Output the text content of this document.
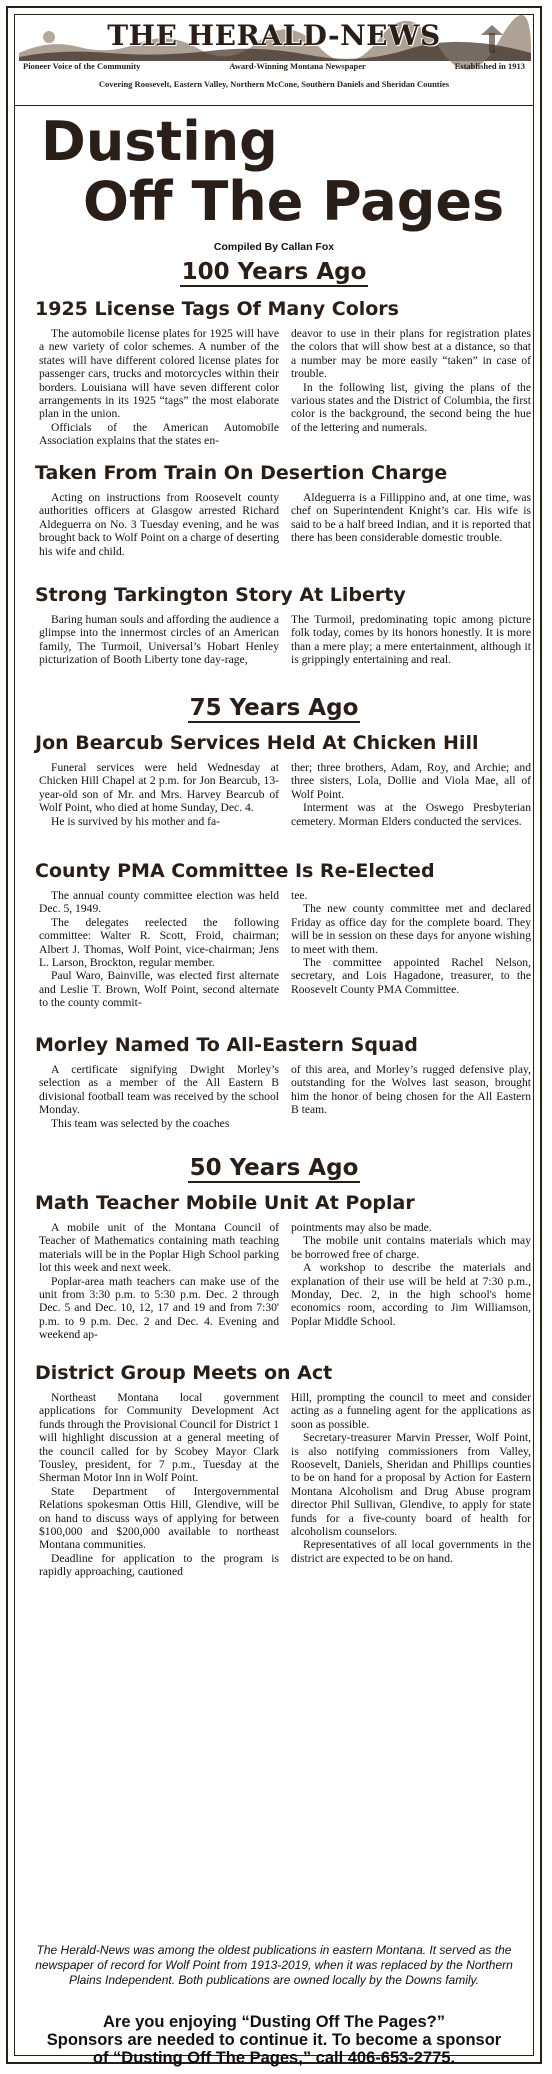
THE HERALD-NEWS
Pioneer Voice of the Community	Award-Winning Montana Newspaper	Established in 1913
Covering Roosevelt, Eastern Valley, Northern McCone, Southern Daniels and Sheridan Counties
Dusting
Off The Pages
Compiled By Callan Fox
100 Years Ago
1925 License Tags Of Many Colors

The automobile license plates for 1925 will have a new variety of color schemes. A number of the states will have different colored license plates for passenger cars, trucks and motorcycles within their borders. Louisiana will have seven different color arrangements in its 1925 “tags” the most elaborate plan in the union.

Officials of the American Automobile Association explains that the states en-

deavor to use in their plans for registration plates the colors that will show best at a distance, so that a number may be more easily “taken” in case of trouble.

In the following list, giving the plans of the various states and the District of Columbia, the first color is the background, the second being the hue of the lettering and numerals.

Taken From Train On Desertion Charge

Acting on instructions from Roosevelt county authorities officers at Glasgow arrested Richard Aldeguerra on No. 3 Tuesday evening, and he was brought back to Wolf Point on a charge of deserting his wife and child.

Aldeguerra is a Fillippino and, at one time, was chef on Superintendent Knight’s car. His wife is said to be a half breed Indian, and it is reported that there has been considerable domestic trouble.

Strong Tarkington Story At Liberty

Baring human souls and affording the audience a glimpse into the innermost circles of an American family, The Turmoil, Universal’s Hobart Henley picturization of Booth Liberty tone day-rage,

The Turmoil, predominating topic among picture folk today, comes by its honors honestly. It is more than a mere play; a mere entertainment, although it is grippingly entertaining and real.

75 Years Ago
Jon Bearcub Services Held At Chicken Hill

Funeral services were held Wednesday at Chicken Hill Chapel at 2 p.m. for Jon Bearcub, 13-year-old son of Mr. and Mrs. Harvey Bearcub of Wolf Point, who died at home Sunday, Dec. 4.

He is survived by his mother and fa-

ther; three brothers, Adam, Roy, and Archie; and three sisters, Lola, Dollie and Viola Mae, all of Wolf Point.

Interment was at the Oswego Presbyterian cemetery. Morman Elders conducted the services.

County PMA Committee Is Re-Elected

The annual county committee election was held Dec. 5, 1949.

The delegates reelected the following committee: Walter R. Scott, Froid, chairman; Albert J. Thomas, Wolf Point, vice-chairman; Jens L. Larson, Brockton, regular member.

Paul Waro, Bainville, was elected first alternate and Leslie T. Brown, Wolf Point, second alternate to the county commit-

tee.

The new county committee met and declared Friday as office day for the complete board. They will be in session on these days for anyone wishing to meet with them.

The committee appointed Rachel Nelson, secretary, and Lois Hagadone, treasurer, to the Roosevelt County PMA Committee.

Morley Named To All-Eastern Squad

A certificate signifying Dwight Morley’s selection as a member of the All Eastern B divisional football team was received by the school Monday.

This team was selected by the coaches

of this area, and Morley’s rugged defensive play, outstanding for the Wolves last season, brought him the honor of being chosen for the All Eastern B team.

50 Years Ago
Math Teacher Mobile Unit At Poplar

A mobile unit of the Montana Council of Teacher of Mathematics containing math teaching materials will be in the Poplar High School parking lot this week and next week.

Poplar-area math teachers can make use of the unit from 3:30 p.m. to 5:30 p.m. Dec. 2 through Dec. 5 and Dec. 10, 12, 17 and 19 and from 7:30' p.m. to 9 p.m. Dec. 2 and Dec. 4. Evening and weekend ap-

pointments may also be made.

The mobile unit contains materials which may be borrowed free of charge.

A workshop to describe the materials and explanation of their use will be held at 7:30 p.m., Monday, Dec. 2, in the high school's home economics room, according to Jim Williamson, Poplar Middle School.

District Group Meets on Act

Northeast Montana local government applications for Community Development Act funds through the Provisional Council for District 1 will highlight discussion at a general meeting of the council called for by Scobey Mayor Clark Tousley, president, for 7 p.m., Tuesday at the Sherman Motor Inn in Wolf Point.

State Department of Intergovernmental Relations spokesman Ottis Hill, Glendive, will be on hand to discuss ways of applying for between $100,000 and $200,000 available to northeast Montana communities.

Deadline for application to the program is rapidly approaching, cautioned

Hill, prompting the council to meet and consider acting as a funneling agent for the applications as soon as possible.

Secretary-treasurer Marvin Presser, Wolf Point, is also notifying commissioners from Valley, Roosevelt, Daniels, Sheridan and Phillips counties to be on hand for a proposal by Action for Eastern Montana Alcoholism and Drug Abuse program director Phil Sullivan, Glendive, to apply for state funds for a five-county board of health for alcoholism counselors.

Representatives of all local governments in the district are expected to be on hand.

The Herald-News was among the oldest publications in eastern Montana. It served as the newspaper of record for Wolf Point from 1913-2019, when it was replaced by the Northern Plains Independent. Both publications are owned locally by the Downs family.
Are you enjoying “Dusting Off The Pages?”
Sponsors are needed to continue it. To become a sponsor
of “Dusting Off The Pages,” call 406-653-2775.
